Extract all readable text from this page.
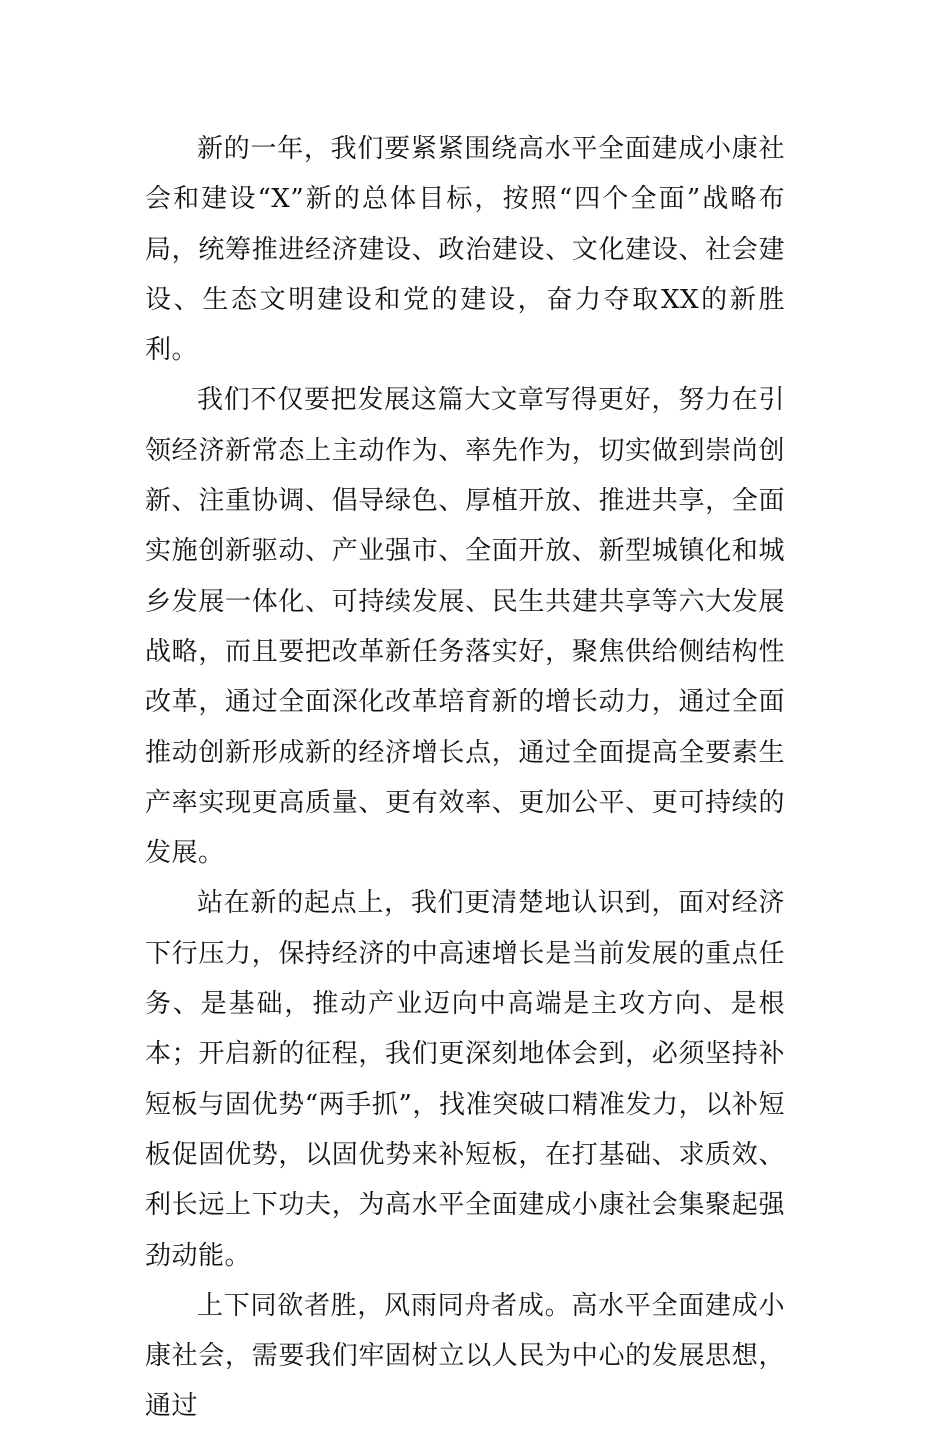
新的一年，我们要紧紧围绕高水平全面建成小康社会和建设“X”新的总体目标，按照“四个全面”战略布局，统筹推进经济建设、政治建设、文化建设、社会建设、生态文明建设和党的建设，奋力夺取XX的新胜利。

我们不仅要把发展这篇大文章写得更好，努力在引领经济新常态上主动作为、率先作为，切实做到崇尚创新、注重协调、倡导绿色、厚植开放、推进共享，全面实施创新驱动、产业强市、全面开放、新型城镇化和城乡发展一体化、可持续发展、民生共建共享等六大发展战略，而且要把改革新任务落实好，聚焦供给侧结构性改革，通过全面深化改革培育新的增长动力，通过全面推动创新形成新的经济增长点，通过全面提高全要素生产率实现更高质量、更有效率、更加公平、更可持续的发展。

站在新的起点上，我们更清楚地认识到，面对经济下行压力，保持经济的中高速增长是当前发展的重点任务、是基础，推动产业迈向中高端是主攻方向、是根本；开启新的征程，我们更深刻地体会到，必须坚持补短板与固优势“两手抓”，找准突破口精准发力，以补短板促固优势，以固优势来补短板，在打基础、求质效、利长远上下功夫，为高水平全面建成小康社会集聚起强劲动能。

上下同欲者胜，风雨同舟者成。高水平全面建成小康社会，需要我们牢固树立以人民为中心的发展思想，通过
